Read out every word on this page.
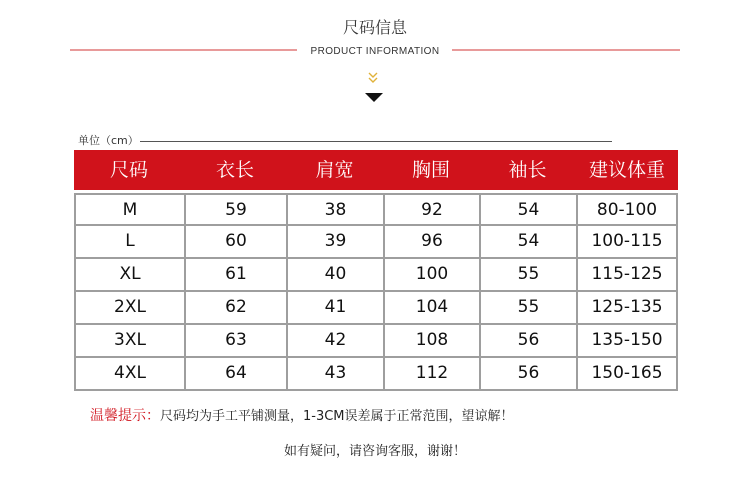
尺码信息
PRODUCT INFORMATION
单位（cm）
尺码	衣长	肩宽	胸围	袖长	建议体重
M	59	38	92	54	80-100
L	60	39	96	54	100-115
XL	61	40	100	55	115-125
2XL	62	41	104	55	125-135
3XL	63	42	108	56	135-150
4XL	64	43	112	56	150-165
温馨提示：尺码均为手工平铺测量，1-3CM误差属于正常范围，望谅解！
如有疑问，请咨询客服，谢谢！
